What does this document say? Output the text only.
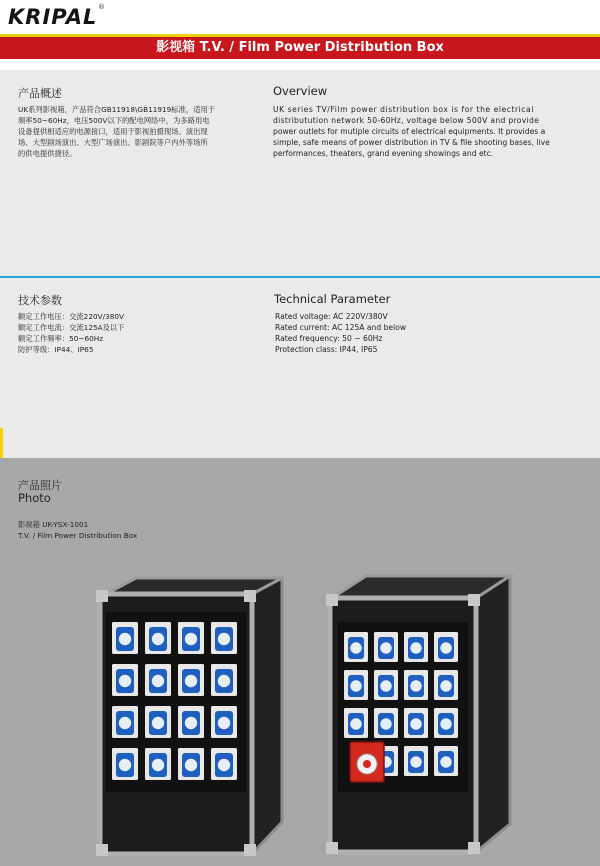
KRIPAL ®
影视箱 T.V. / Film Power Distribution Box
产品概述
UK系列影视箱，产品符合GB11918\GB11919标准，适用于
频率50~60Hz，电压500V以下的配电网络中，为多路用电
设备提供相适应的电源接口，适用于影视拍摄现场、演出现
场、大型剧场演出、大型广场演出、影剧院等户内外等场所
的供电提供捷径。
Overview
UK series TV/Film power distribution box is for the electrical
distributution network 50-60Hz, voltage below 500V and provide
power outlets for mutiple circuits of electrical equipments. It provides a
simple, safe means of power distribution in TV & file shooting bases, live
performances, theaters, grand evening showings and etc.
技术参数
额定工作电压：交流220V/380V
额定工作电流：交流125A及以下
额定工作频率：50~60Hz
防护等级：IP44、IP65
Technical Parameter
Rated voltage: AC 220V/380V
Rated current: AC 125A and below
Rated frequency: 50 ~ 60Hz
Protection class: IP44, IP65
产品照片
Photo
影视箱 UK-YSX-1001
T.V. / Film Power Distribution Box
